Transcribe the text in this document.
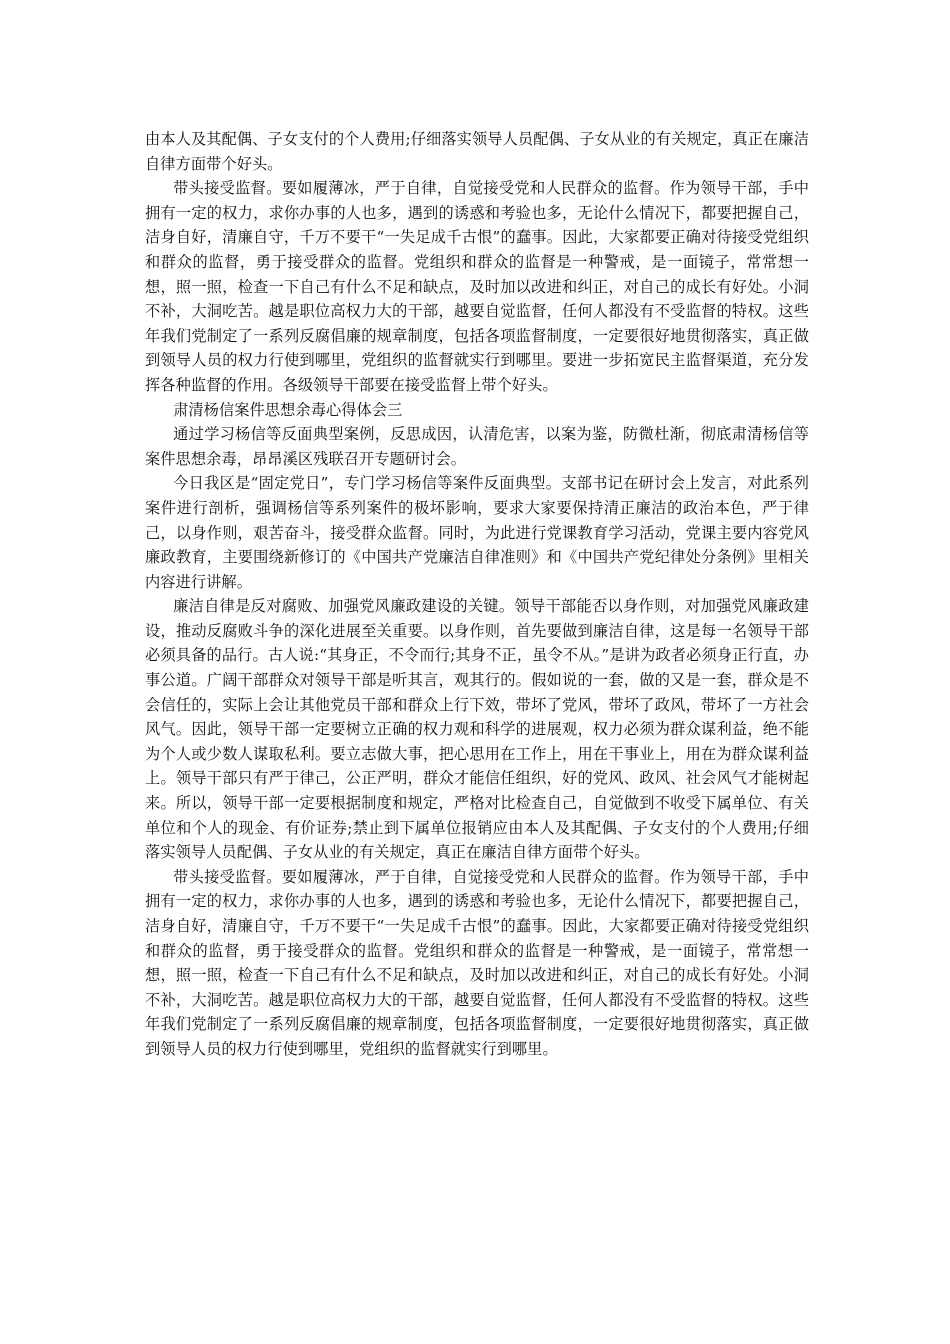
由本人及其配偶、子女支付的个人费用;仔细落实领导人员配偶、子女从业的有关规定，真正在廉洁自律方面带个好头。

带头接受监督。要如履薄冰，严于自律，自觉接受党和人民群众的监督。作为领导干部，手中拥有一定的权力，求你办事的人也多，遇到的诱惑和考验也多，无论什么情况下，都要把握自己，洁身自好，清廉自守，千万不要干“一失足成千古恨”的蠢事。因此，大家都要正确对待接受党组织和群众的监督，勇于接受群众的监督。党组织和群众的监督是一种警戒，是一面镜子，常常想一想，照一照，检查一下自己有什么不足和缺点，及时加以改进和纠正，对自己的成长有好处。小洞不补，大洞吃苦。越是职位高权力大的干部，越要自觉监督，任何人都没有不受监督的特权。这些年我们党制定了一系列反腐倡廉的规章制度，包括各项监督制度，一定要很好地贯彻落实，真正做到领导人员的权力行使到哪里，党组织的监督就实行到哪里。要进一步拓宽民主监督渠道，充分发挥各种监督的作用。各级领导干部要在接受监督上带个好头。

肃清杨信案件思想余毒心得体会三

通过学习杨信等反面典型案例，反思成因，认清危害，以案为鉴，防微杜渐，彻底肃清杨信等案件思想余毒，昂昂溪区残联召开专题研讨会。

今日我区是“固定党日”，专门学习杨信等案件反面典型。支部书记在研讨会上发言，对此系列案件进行剖析，强调杨信等系列案件的极坏影响，要求大家要保持清正廉洁的政治本色，严于律己，以身作则，艰苦奋斗，接受群众监督。同时，为此进行党课教育学习活动，党课主要内容党风廉政教育，主要围绕新修订的《中国共产党廉洁自律准则》和《中国共产党纪律处分条例》里相关内容进行讲解。

廉洁自律是反对腐败、加强党风廉政建设的关键。领导干部能否以身作则，对加强党风廉政建设，推动反腐败斗争的深化进展至关重要。以身作则，首先要做到廉洁自律，这是每一名领导干部必须具备的品行。古人说:“其身正，不令而行;其身不正，虽令不从。”是讲为政者必须身正行直，办事公道。广阔干部群众对领导干部是听其言，观其行的。假如说的一套，做的又是一套，群众是不会信任的，实际上会让其他党员干部和群众上行下效，带坏了党风，带坏了政风，带坏了一方社会风气。因此，领导干部一定要树立正确的权力观和科学的进展观，权力必须为群众谋利益，绝不能为个人或少数人谋取私利。要立志做大事，把心思用在工作上，用在干事业上，用在为群众谋利益上。领导干部只有严于律己，公正严明，群众才能信任组织，好的党风、政风、社会风气才能树起来。所以，领导干部一定要根据制度和规定，严格对比检查自己，自觉做到不收受下属单位、有关单位和个人的现金、有价证券;禁止到下属单位报销应由本人及其配偶、子女支付的个人费用;仔细落实领导人员配偶、子女从业的有关规定，真正在廉洁自律方面带个好头。

带头接受监督。要如履薄冰，严于自律，自觉接受党和人民群众的监督。作为领导干部，手中拥有一定的权力，求你办事的人也多，遇到的诱惑和考验也多，无论什么情况下，都要把握自己，洁身自好，清廉自守，千万不要干“一失足成千古恨”的蠢事。因此，大家都要正确对待接受党组织和群众的监督，勇于接受群众的监督。党组织和群众的监督是一种警戒，是一面镜子，常常想一想，照一照，检查一下自己有什么不足和缺点，及时加以改进和纠正，对自己的成长有好处。小洞不补，大洞吃苦。越是职位高权力大的干部，越要自觉监督，任何人都没有不受监督的特权。这些年我们党制定了一系列反腐倡廉的规章制度，包括各项监督制度，一定要很好地贯彻落实，真正做到领导人员的权力行使到哪里，党组织的监督就实行到哪里。
